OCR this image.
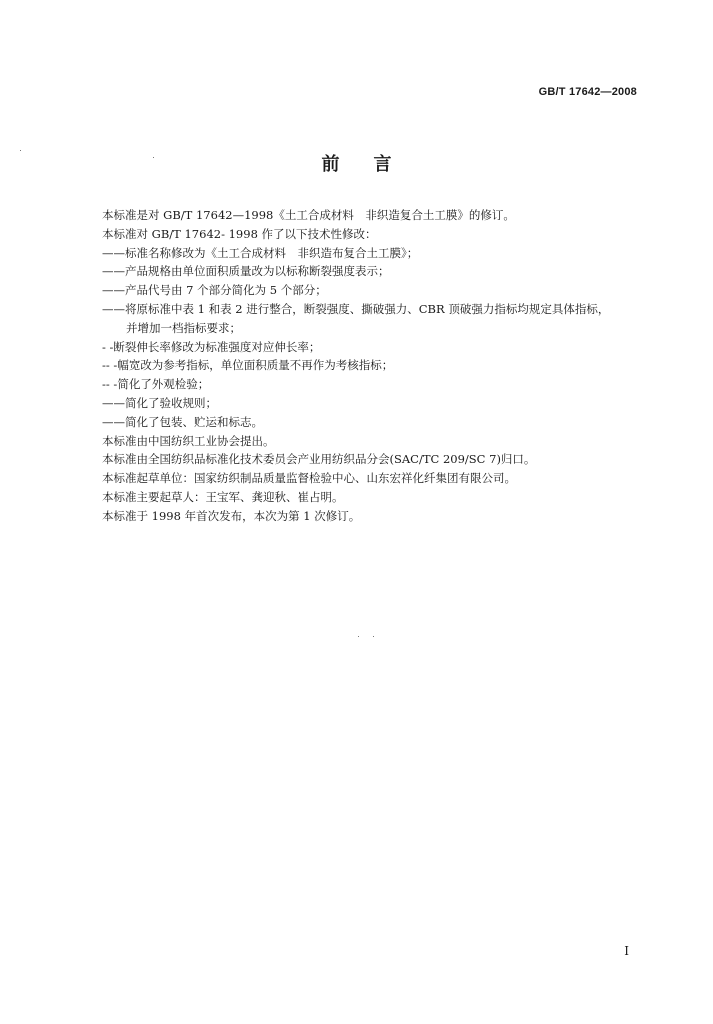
GB/T 17642—2008
前言
本标准是对 GB/T 17642—1998《土工合成材料　非织造复合土工膜》的修订。
本标准对 GB/T 17642- 1998 作了以下技术性修改：
——标准名称修改为《土工合成材料　非织造布复合土工膜》；
——产品规格由单位面积质量改为以标称断裂强度表示；
——产品代号由 7 个部分简化为 5 个部分；
——将原标准中表 1 和表 2 进行整合，断裂强度、撕破强力、CBR 顶破强力指标均规定具体指标，
并增加一档指标要求；
- -断裂伸长率修改为标准强度对应伸长率；
-- -幅宽改为参考指标，单位面积质量不再作为考核指标；
-- -简化了外观检验；
——简化了验收规则；
——简化了包装、贮运和标志。
本标准由中国纺织工业协会提出。
本标准由全国纺织品标准化技术委员会产业用纺织品分会(SAC/TC 209/SC 7)归口。
本标准起草单位：国家纺织制品质量监督检验中心、山东宏祥化纤集团有限公司。
本标准主要起草人：王宝军、龚迎秋、崔占明。
本标准于 1998 年首次发布，本次为第 1 次修订。
I
